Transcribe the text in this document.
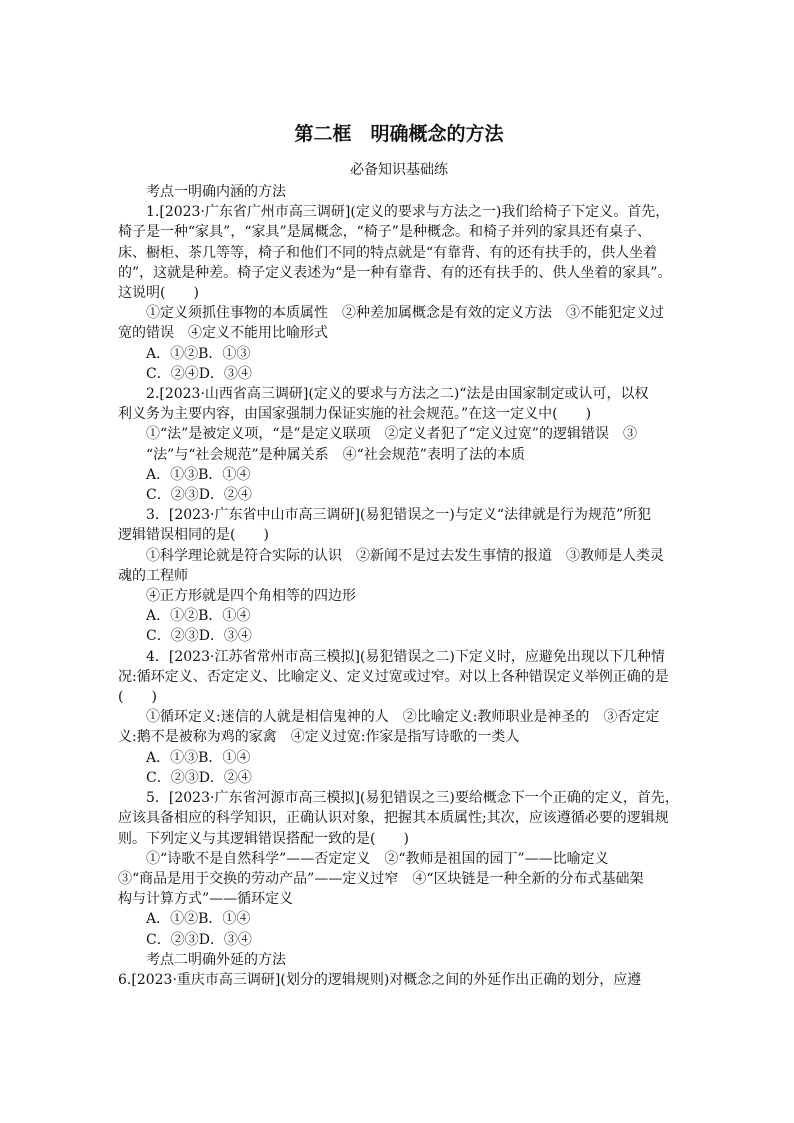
第二框　明确概念的方法

必备知识基础练

考点一明确内涵的方法

1.[2023·广东省广州市高三调研](定义的要求与方法之一)我们给椅子下定义。首先，

椅子是一种“家具”，“家具”是属概念，“椅子”是种概念。和椅子并列的家具还有桌子、

床、橱柜、茶几等等，椅子和他们不同的特点就是“有靠背、有的还有扶手的，供人坐着

的”，这就是种差。椅子定义表述为“是一种有靠背、有的还有扶手的、供人坐着的家具”。

这说明(　　)

①定义须抓住事物的本质属性　②种差加属概念是有效的定义方法　③不能犯定义过

宽的错误　④定义不能用比喻形式

A．①②B．①③

C．②④D．③④

2.[2023·山西省高三调研](定义的要求与方法之二)“法是由国家制定或认可，以权

利义务为主要内容，由国家强制力保证实施的社会规范。”在这一定义中(　　)

①“法”是被定义项，“是”是定义联项　②定义者犯了“定义过宽”的逻辑错误　③

“法”与“社会规范”是种属关系　④“社会规范”表明了法的本质

A．①③B．①④

C．②③D．②④

3．[2023·广东省中山市高三调研](易犯错误之一)与定义“法律就是行为规范”所犯

逻辑错误相同的是(　　)

①科学理论就是符合实际的认识　②新闻不是过去发生事情的报道　③教师是人类灵

魂的工程师

④正方形就是四个角相等的四边形

A．①②B．①④

C．②③D．③④

4．[2023·江苏省常州市高三模拟](易犯错误之二)下定义时，应避免出现以下几种情

况:循环定义、否定定义、比喻定义、定义过宽或过窄。对以上各种错误定义举例正确的是

(　　)

①循环定义:迷信的人就是相信鬼神的人　②比喻定义:教师职业是神圣的　③否定定

义:鹅不是被称为鸡的家禽　④定义过宽:作家是指写诗歌的一类人

A．①③B．①④

C．②③D．②④

5．[2023·广东省河源市高三模拟](易犯错误之三)要给概念下一个正确的定义，首先，

应该具备相应的科学知识，正确认识对象，把握其本质属性;其次，应该遵循必要的逻辑规

则。下列定义与其逻辑错误搭配一致的是(　　)

①“诗歌不是自然科学”——否定定义　②“教师是祖国的园丁”——比喻定义

③“商品是用于交换的劳动产品”——定义过窄　④“区块链是一种全新的分布式基础架

构与计算方式”——循环定义

A．①②B．①④

C．②③D．③④

考点二明确外延的方法

6.[2023·重庆市高三调研](划分的逻辑规则)对概念之间的外延作出正确的划分，应遵
